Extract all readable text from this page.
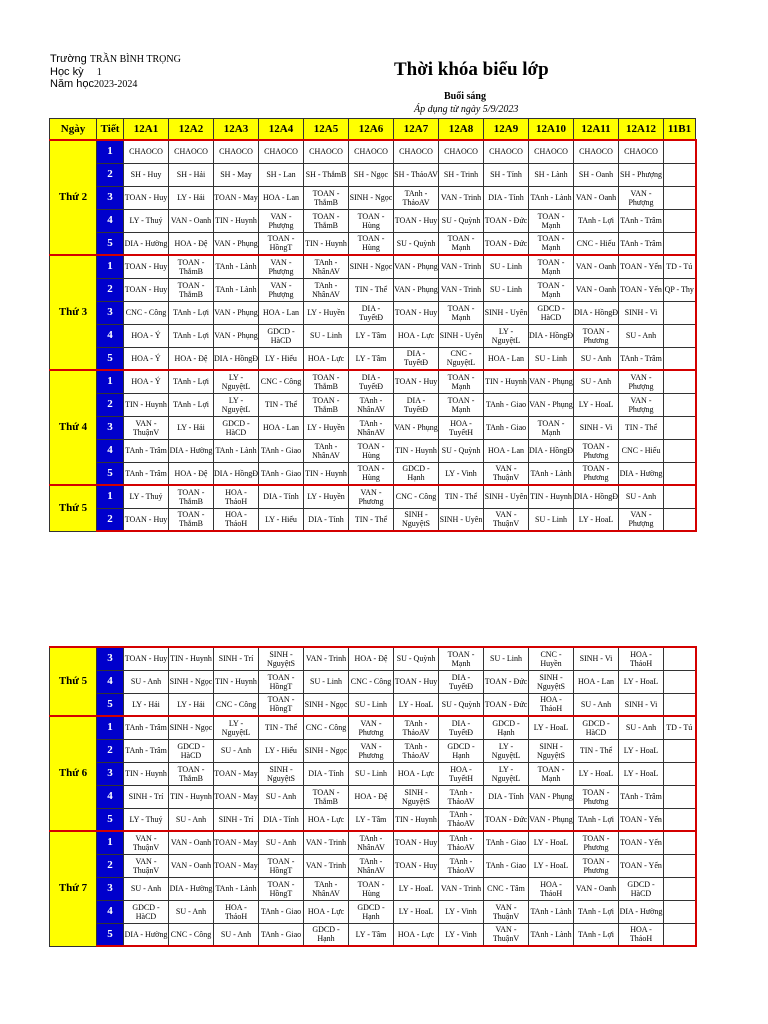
Trường TRẦN BÌNH TRỌNG
Học kỳ 1
Năm học2023-2024
Thời khóa biểu lớp
Buổi sáng
Áp dụng từ ngày 5/9/2023
Ngày	Tiết	12A1	12A2	12A3	12A4	12A5	12A6	12A7	12A8	12A9	12A10	12A11	12A12	11B1
Thứ 2	1	CHAOCO	CHAOCO	CHAOCO	CHAOCO	CHAOCO	CHAOCO	CHAOCO	CHAOCO	CHAOCO	CHAOCO	CHAOCO	CHAOCO	
	2	SH - Huy	SH - Hải	SH - May	SH - Lan	SH - ThắmB	SH - Ngọc	SH - ThảoAV	SH - Trinh	SH - Tỉnh	SH - Lành	SH - Oanh	SH - Phượng	
	3	TOAN - Huy	LY - Hải	TOAN - May	HOA - Lan	TOAN - ThắmB	SINH - Ngọc	TAnh - ThảoAV	VAN - Trinh	DIA - Tỉnh	TAnh - Lành	VAN - Oanh	VAN - Phượng	
	4	LY - Thuý	VAN - Oanh	TIN - Huynh	VAN - Phượng	TOAN - ThắmB	TOAN - Hùng	TOAN - Huy	SU - Quỳnh	TOAN - Đức	TOAN - Mạnh	TAnh - Lợi	TAnh - Trâm	
	5	DIA - Hường	HOA - Đệ	VAN - Phụng	TOAN - HồngT	TIN - Huynh	TOAN - Hùng	SU - Quỳnh	TOAN - Mạnh	TOAN - Đức	TOAN - Mạnh	CNC - Hiếu	TAnh - Trâm	
Thứ 3	1	TOAN - Huy	TOAN - ThắmB	TAnh - Lành	VAN - Phượng	TAnh - NhânAV	SINH - Ngọc	VAN - Phụng	VAN - Trinh	SU - Linh	TOAN - Mạnh	VAN - Oanh	TOAN - Yến	TD - Tú
	2	TOAN - Huy	TOAN - ThắmB	TAnh - Lành	VAN - Phượng	TAnh - NhânAV	TIN - Thể	VAN - Phụng	VAN - Trinh	SU - Linh	TOAN - Mạnh	VAN - Oanh	TOAN - Yến	QP - Thy
	3	CNC - Công	TAnh - Lợi	VAN - Phụng	HOA - Lan	LY - Huyền	DIA - TuyếtĐ	TOAN - Huy	TOAN - Mạnh	SINH - Uyên	GDCD - HàCD	DIA - HồngĐ	SINH - Vi	
	4	HOA - Ý	TAnh - Lợi	VAN - Phụng	GDCD - HàCD	SU - Linh	LY - Tâm	HOA - Lực	SINH - Uyên	LY - NguyệtL	DIA - HồngĐ	TOAN - Phương	SU - Anh	
	5	HOA - Ý	HOA - Đệ	DIA - HồngĐ	LY - Hiếu	HOA - Lực	LY - Tâm	DIA - TuyếtĐ	CNC - NguyệtL	HOA - Lan	SU - Linh	SU - Anh	TAnh - Trâm	
Thứ 4	1	HOA - Ý	TAnh - Lợi	LY - NguyệtL	CNC - Công	TOAN - ThắmB	DIA - TuyếtĐ	TOAN - Huy	TOAN - Mạnh	TIN - Huynh	VAN - Phụng	SU - Anh	VAN - Phượng	
	2	TIN - Huynh	TAnh - Lợi	LY - NguyệtL	TIN - Thể	TOAN - ThắmB	TAnh - NhânAV	DIA - TuyếtĐ	TOAN - Mạnh	TAnh - Giao	VAN - Phụng	LY - HoaL	VAN - Phượng	
	3	VAN - ThuậnV	LY - Hải	GDCD - HàCD	HOA - Lan	LY - Huyền	TAnh - NhânAV	VAN - Phụng	HOA - TuyếtH	TAnh - Giao	TOAN - Mạnh	SINH - Vi	TIN - Thể	
	4	TAnh - Trâm	DIA - Hường	TAnh - Lành	TAnh - Giao	TAnh - NhânAV	TOAN - Hùng	TIN - Huynh	SU - Quỳnh	HOA - Lan	DIA - HồngĐ	TOAN - Phương	CNC - Hiếu	
	5	TAnh - Trâm	HOA - Đệ	DIA - HồngĐ	TAnh - Giao	TIN - Huynh	TOAN - Hùng	GDCD - Hạnh	LY - Vinh	VAN - ThuậnV	TAnh - Lành	TOAN - Phương	DIA - Hường	
Thứ 5	1	LY - Thuý	TOAN - ThắmB	HOA - ThảoH	DIA - Tỉnh	LY - Huyền	VAN - Phương	CNC - Công	TIN - Thể	SINH - Uyên	TIN - Huynh	DIA - HồngĐ	SU - Anh	
	2	TOAN - Huy	TOAN - ThắmB	HOA - ThảoH	LY - Hiếu	DIA - Tỉnh	TIN - Thể	SINH - NguyệtS	SINH - Uyên	VAN - ThuậnV	SU - Linh	LY - HoaL	VAN - Phượng	
Thứ 5	3	TOAN - Huy	TIN - Huynh	SINH - Trí	SINH - NguyệtS	VAN - Trinh	HOA - Đệ	SU - Quỳnh	TOAN - Mạnh	SU - Linh	CNC - Huyền	SINH - Vi	HOA - ThảoH	
	4	SU - Anh	SINH - Ngọc	TIN - Huynh	TOAN - HồngT	SU - Linh	CNC - Công	TOAN - Huy	DIA - TuyếtĐ	TOAN - Đức	SINH - NguyệtS	HOA - Lan	LY - HoaL	
	5	LY - Hải	LY - Hải	CNC - Công	TOAN - HồngT	SINH - Ngọc	SU - Linh	LY - HoaL	SU - Quỳnh	TOAN - Đức	HOA - ThảoH	SU - Anh	SINH - Vi	
Thứ 6	1	TAnh - Trâm	SINH - Ngọc	LY - NguyệtL	TIN - Thể	CNC - Công	VAN - Phương	TAnh - ThảoAV	DIA - TuyếtĐ	GDCD - Hạnh	LY - HoaL	GDCD - HàCD	SU - Anh	TD - Tú
	2	TAnh - Trâm	GDCD - HàCD	SU - Anh	LY - Hiếu	SINH - Ngọc	VAN - Phương	TAnh - ThảoAV	GDCD - Hạnh	LY - NguyệtL	SINH - NguyệtS	TIN - Thể	LY - HoaL	
	3	TIN - Huynh	TOAN - ThắmB	TOAN - May	SINH - NguyệtS	DIA - Tỉnh	SU - Linh	HOA - Lực	HOA - TuyếtH	LY - NguyệtL	TOAN - Mạnh	LY - HoaL	LY - HoaL	
	4	SINH - Trí	TIN - Huynh	TOAN - May	SU - Anh	TOAN - ThắmB	HOA - Đệ	SINH - NguyệtS	TAnh - ThảoAV	DIA - Tỉnh	VAN - Phụng	TOAN - Phương	TAnh - Trâm	
	5	LY - Thuý	SU - Anh	SINH - Trí	DIA - Tỉnh	HOA - Lực	LY - Tâm	TIN - Huynh	TAnh - ThảoAV	TOAN - Đức	VAN - Phụng	TAnh - Lợi	TOAN - Yến	
Thứ 7	1	VAN - ThuậnV	VAN - Oanh	TOAN - May	SU - Anh	VAN - Trinh	TAnh - NhânAV	TOAN - Huy	TAnh - ThảoAV	TAnh - Giao	LY - HoaL	TOAN - Phương	TOAN - Yến	
	2	VAN - ThuậnV	VAN - Oanh	TOAN - May	TOAN - HồngT	VAN - Trinh	TAnh - NhânAV	TOAN - Huy	TAnh - ThảoAV	TAnh - Giao	LY - HoaL	TOAN - Phương	TOAN - Yến	
	3	SU - Anh	DIA - Hường	TAnh - Lành	TOAN - HồngT	TAnh - NhânAV	TOAN - Hùng	LY - HoaL	VAN - Trinh	CNC - Tâm	HOA - ThảoH	VAN - Oanh	GDCD - HàCD	
	4	GDCD - HàCD	SU - Anh	HOA - ThảoH	TAnh - Giao	HOA - Lực	GDCD - Hạnh	LY - HoaL	LY - Vinh	VAN - ThuậnV	TAnh - Lành	TAnh - Lợi	DIA - Hường	
	5	DIA - Hường	CNC - Công	SU - Anh	TAnh - Giao	GDCD - Hạnh	LY - Tâm	HOA - Lực	LY - Vinh	VAN - ThuậnV	TAnh - Lành	TAnh - Lợi	HOA - ThảoH	
